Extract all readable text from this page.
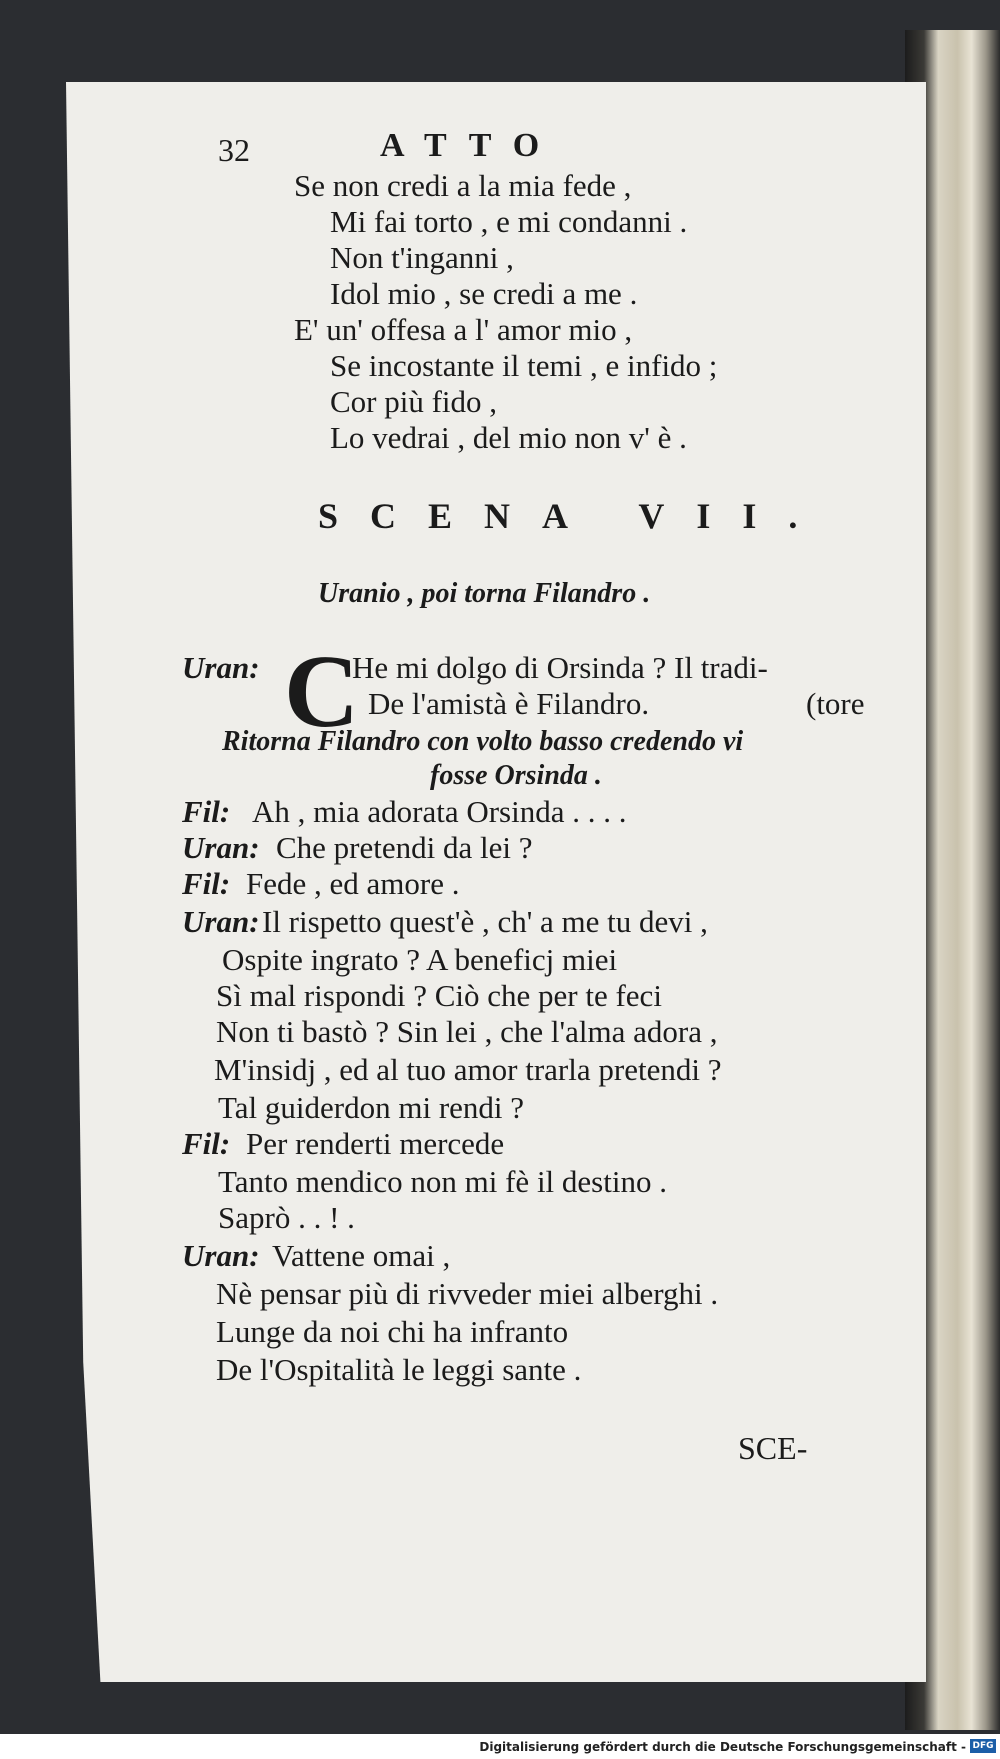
32	ATTO
Se non credi a la mia fede ,
Mi fai torto , e mi condanni .
Non t'inganni ,
Idol mio , se credi a me .
E' un' offesa a l' amor mio ,
Se incostante il temi , e infido ;
Cor più fido ,
Lo vedrai , del mio non v' è .
SCENA VII.
Uranio , poi torna Filandro .
Uran: C
He mi dolgo di Orsinda ? Il tradi-
De l'amistà è Filandro.	(tore
Ritorna Filandro con volto basso credendo vi
fosse Orsinda .
Fil: Ah , mia adorata Orsinda . . . .
Uran: Che pretendi da lei ?
Fil: Fede , ed amore .
Uran: Il rispetto quest'è , ch' a me tu devi ,
Ospite ingrato ? A beneficj miei
Sì mal rispondi ? Ciò che per te feci
Non ti bastò ? Sin lei , che l'alma adora ,
M'insidj , ed al tuo amor trarla pretendi ?
Tal guiderdon mi rendi ?
Fil: Per renderti mercede
Tanto mendico non mi fè il destino .
Saprò . . ! .
Uran: Vattene omai ,
Nè pensar più di rivveder miei alberghi .
Lunge da noi chi ha infranto
De l'Ospitalità le leggi sante .
SCE-
Digitalisierung gefördert durch die Deutsche Forschungsgemeinschaft - DFG
